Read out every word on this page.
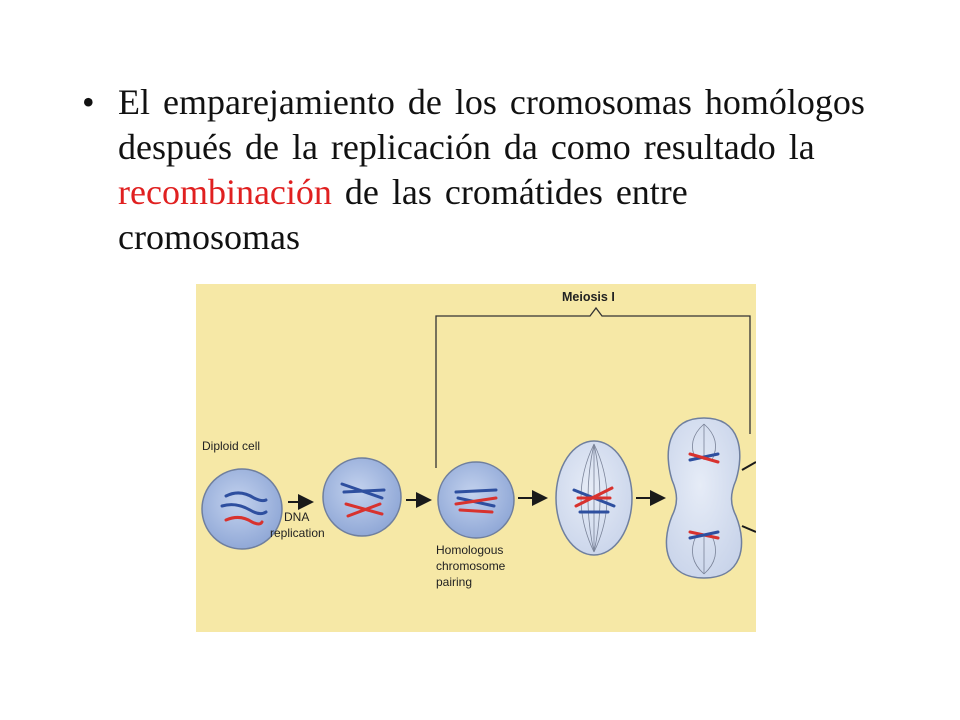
• El emparejamiento de los cromosomas homólogos después de la replicación da como resultado la recombinación de las cromátides entre cromosomas
Meiosis I
Diploid cell
DNA
replication
Homologous
chromosome
pairing
